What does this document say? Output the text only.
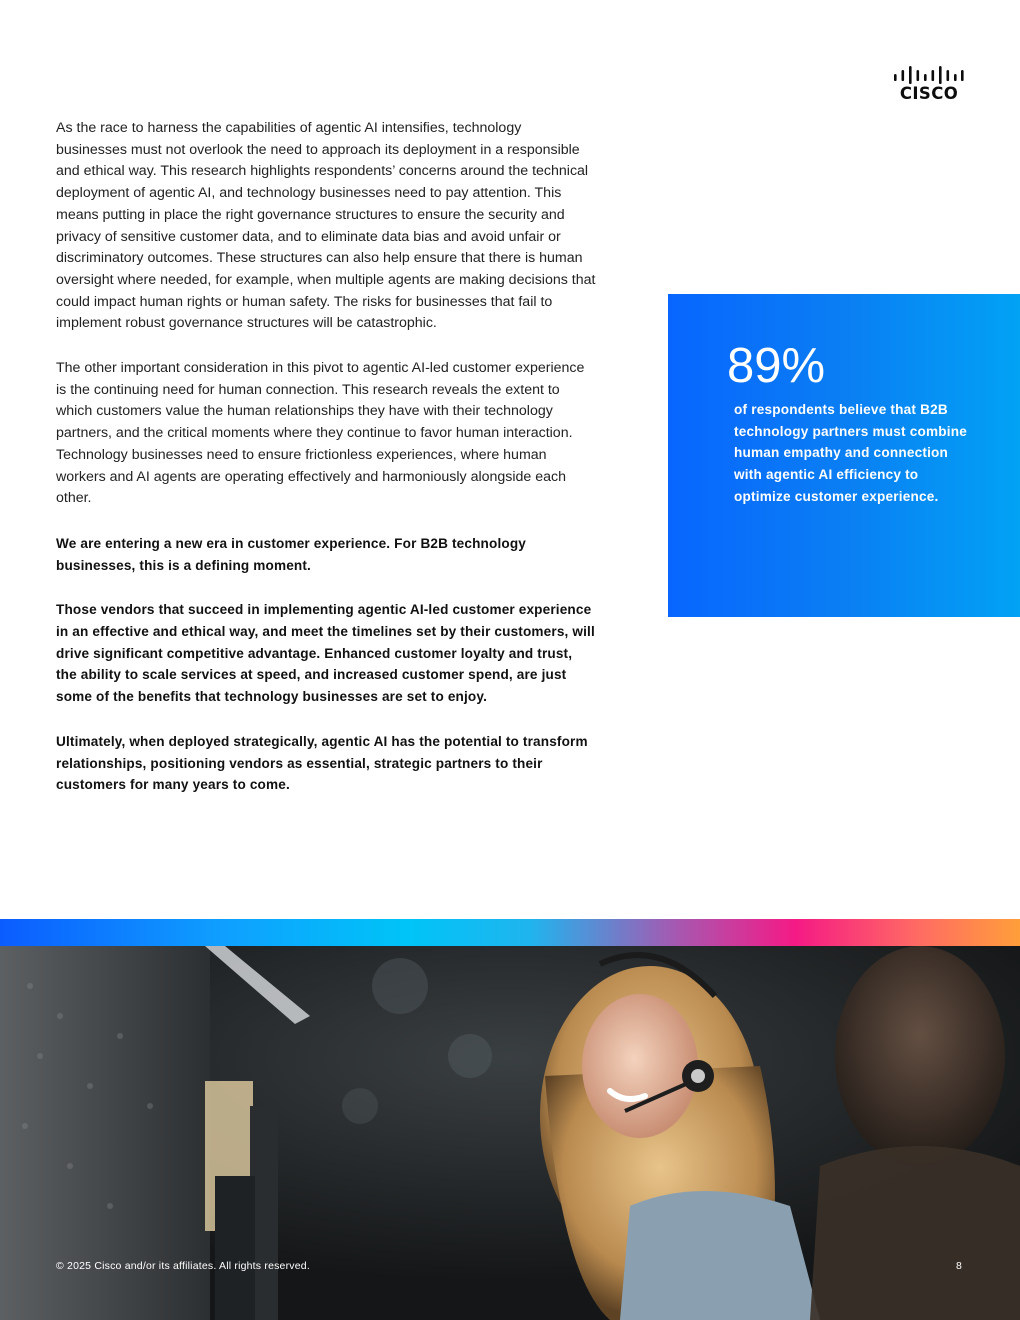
CISCO

As the race to harness the capabilities of agentic AI intensifies, technology businesses must not overlook the need to approach its deployment in a responsible and ethical way. This research highlights respondents’ concerns around the technical deployment of agentic AI, and technology businesses need to pay attention. This means putting in place the right governance structures to ensure the security and privacy of sensitive customer data, and to eliminate data bias and avoid unfair or discriminatory outcomes. These structures can also help ensure that there is human oversight where needed, for example, when multiple agents are making decisions that could impact human rights or human safety. The risks for businesses that fail to implement robust governance structures will be catastrophic.

The other important consideration in this pivot to agentic AI-led customer experience is the continuing need for human connection. This research reveals the extent to which customers value the human relationships they have with their technology partners, and the critical moments where they continue to favor human interaction. Technology businesses need to ensure frictionless experiences, where human workers and AI agents are operating effectively and harmoniously alongside each other.

We are entering a new era in customer experience. For B2B technology businesses, this is a defining moment.

Those vendors that succeed in implementing agentic AI-led customer experience in an effective and ethical way, and meet the timelines set by their customers, will drive significant competitive advantage. Enhanced customer loyalty and trust, the ability to scale services at speed, and increased customer spend, are just some of the benefits that technology businesses are set to enjoy.

Ultimately, when deployed strategically, agentic AI has the potential to transform relationships, positioning vendors as essential, strategic partners to their customers for many years to come.

89%
of respondents believe that B2B technology partners must combine human empathy and connection with agentic AI efficiency to optimize customer experience.
© 2025 Cisco and/or its affiliates. All rights reserved.	8
